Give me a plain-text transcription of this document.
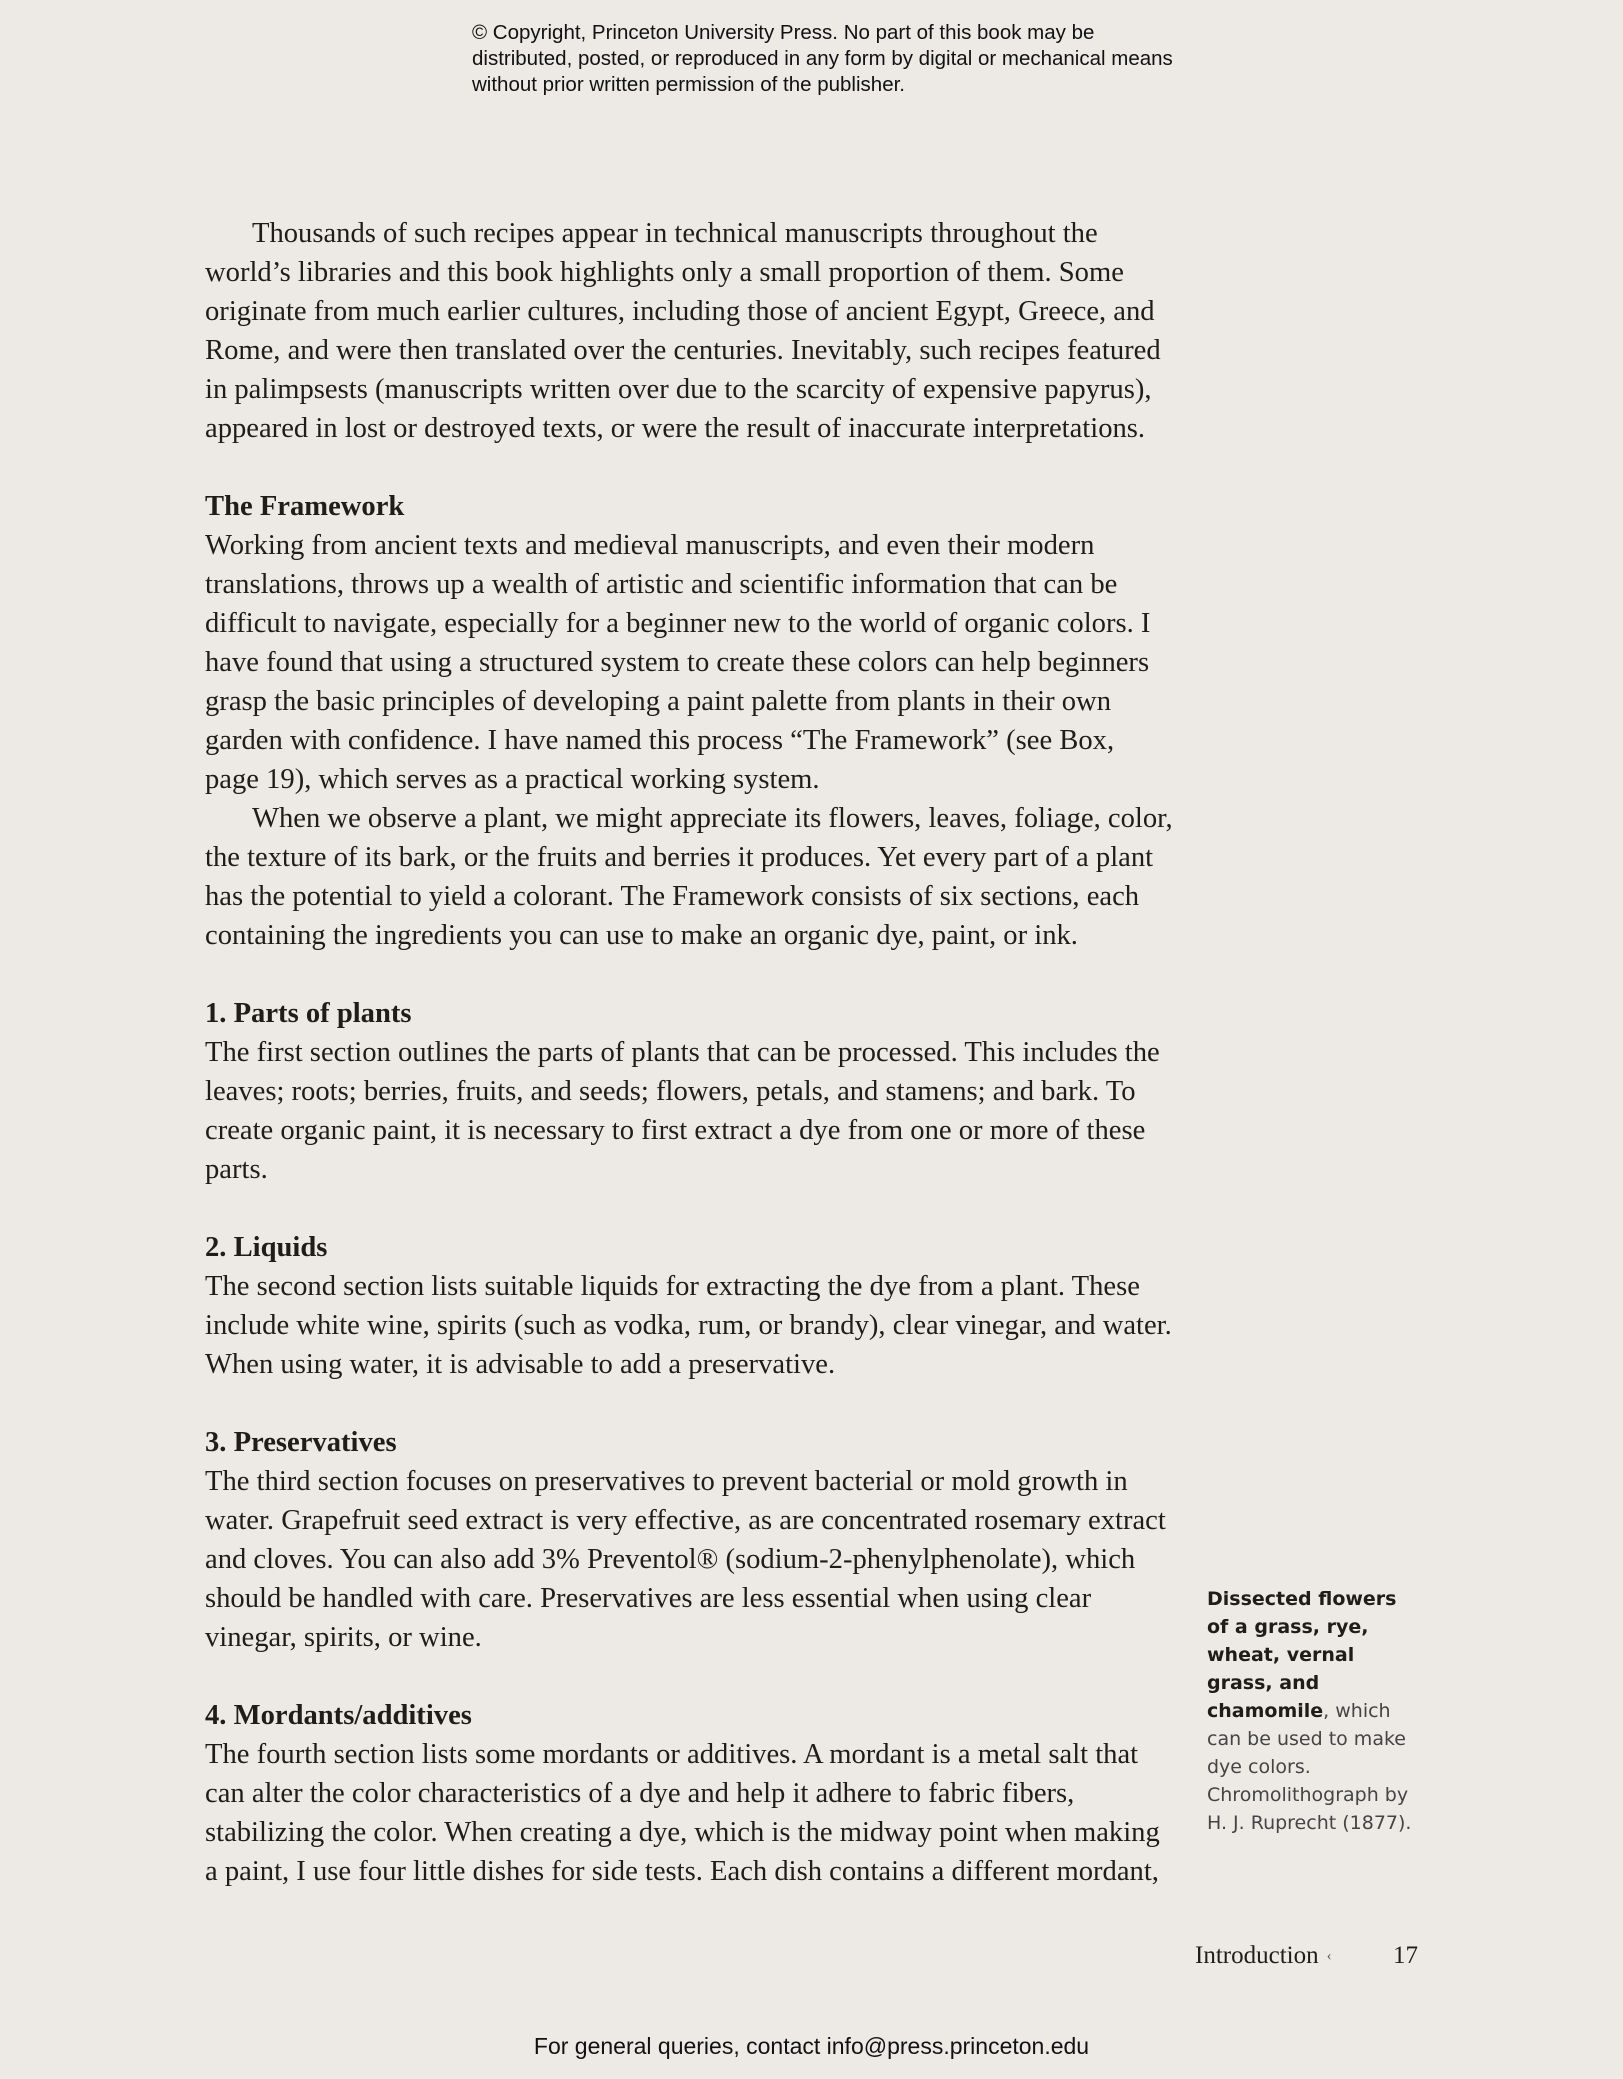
© Copyright, Princeton University Press. No part of this book may be distributed, posted, or reproduced in any form by digital or mechanical means without prior written permission of the publisher.

Thousands of such recipes appear in technical manuscripts throughout the world’s libraries and this book highlights only a small proportion of them. Some originate from much earlier cultures, including those of ancient Egypt, Greece, and Rome, and were then translated over the centuries. Inevitably, such recipes featured in palimpsests (manuscripts written over due to the scarcity of expensive papyrus), appeared in lost or destroyed texts, or were the result of inaccurate interpretations.

The Framework

Working from ancient texts and medieval manuscripts, and even their modern translations, throws up a wealth of artistic and scientific information that can be difficult to navigate, especially for a beginner new to the world of organic colors. I have found that using a structured system to create these colors can help beginners grasp the basic principles of developing a paint palette from plants in their own garden with confidence. I have named this process “The Framework” (see Box, page 19), which serves as a practical working system.

When we observe a plant, we might appreciate its flowers, leaves, foliage, color, the texture of its bark, or the fruits and berries it produces. Yet every part of a plant has the potential to yield a colorant. The Framework consists of six sections, each containing the ingredients you can use to make an organic dye, paint, or ink.

1. Parts of plants

The first section outlines the parts of plants that can be processed. This includes the leaves; roots; berries, fruits, and seeds; flowers, petals, and stamens; and bark. To create organic paint, it is necessary to first extract a dye from one or more of these parts.

2. Liquids

The second section lists suitable liquids for extracting the dye from a plant. These include white wine, spirits (such as vodka, rum, or brandy), clear vinegar, and water. When using water, it is advisable to add a preservative.

3. Preservatives

The third section focuses on preservatives to prevent bacterial or mold growth in water. Grapefruit seed extract is very effective, as are concentrated rosemary extract and cloves. You can also add 3% Preventol® (sodium-2-phenylphenolate), which should be handled with care. Preservatives are less essential when using clear vinegar, spirits, or wine.

4. Mordants/additives

The fourth section lists some mordants or additives. A mordant is a metal salt that can alter the color characteristics of a dye and help it adhere to fabric fibers, stabilizing the color. When creating a dye, which is the midway point when making a paint, I use four little dishes for side tests. Each dish contains a different mordant,

Dissected flowers of a grass, rye, wheat, vernal grass, and chamomile, which can be used to make dye colors. Chromolithograph by H. J. Ruprecht (1877).

Introduction ‹ 17

For general queries, contact info@press.princeton.edu
